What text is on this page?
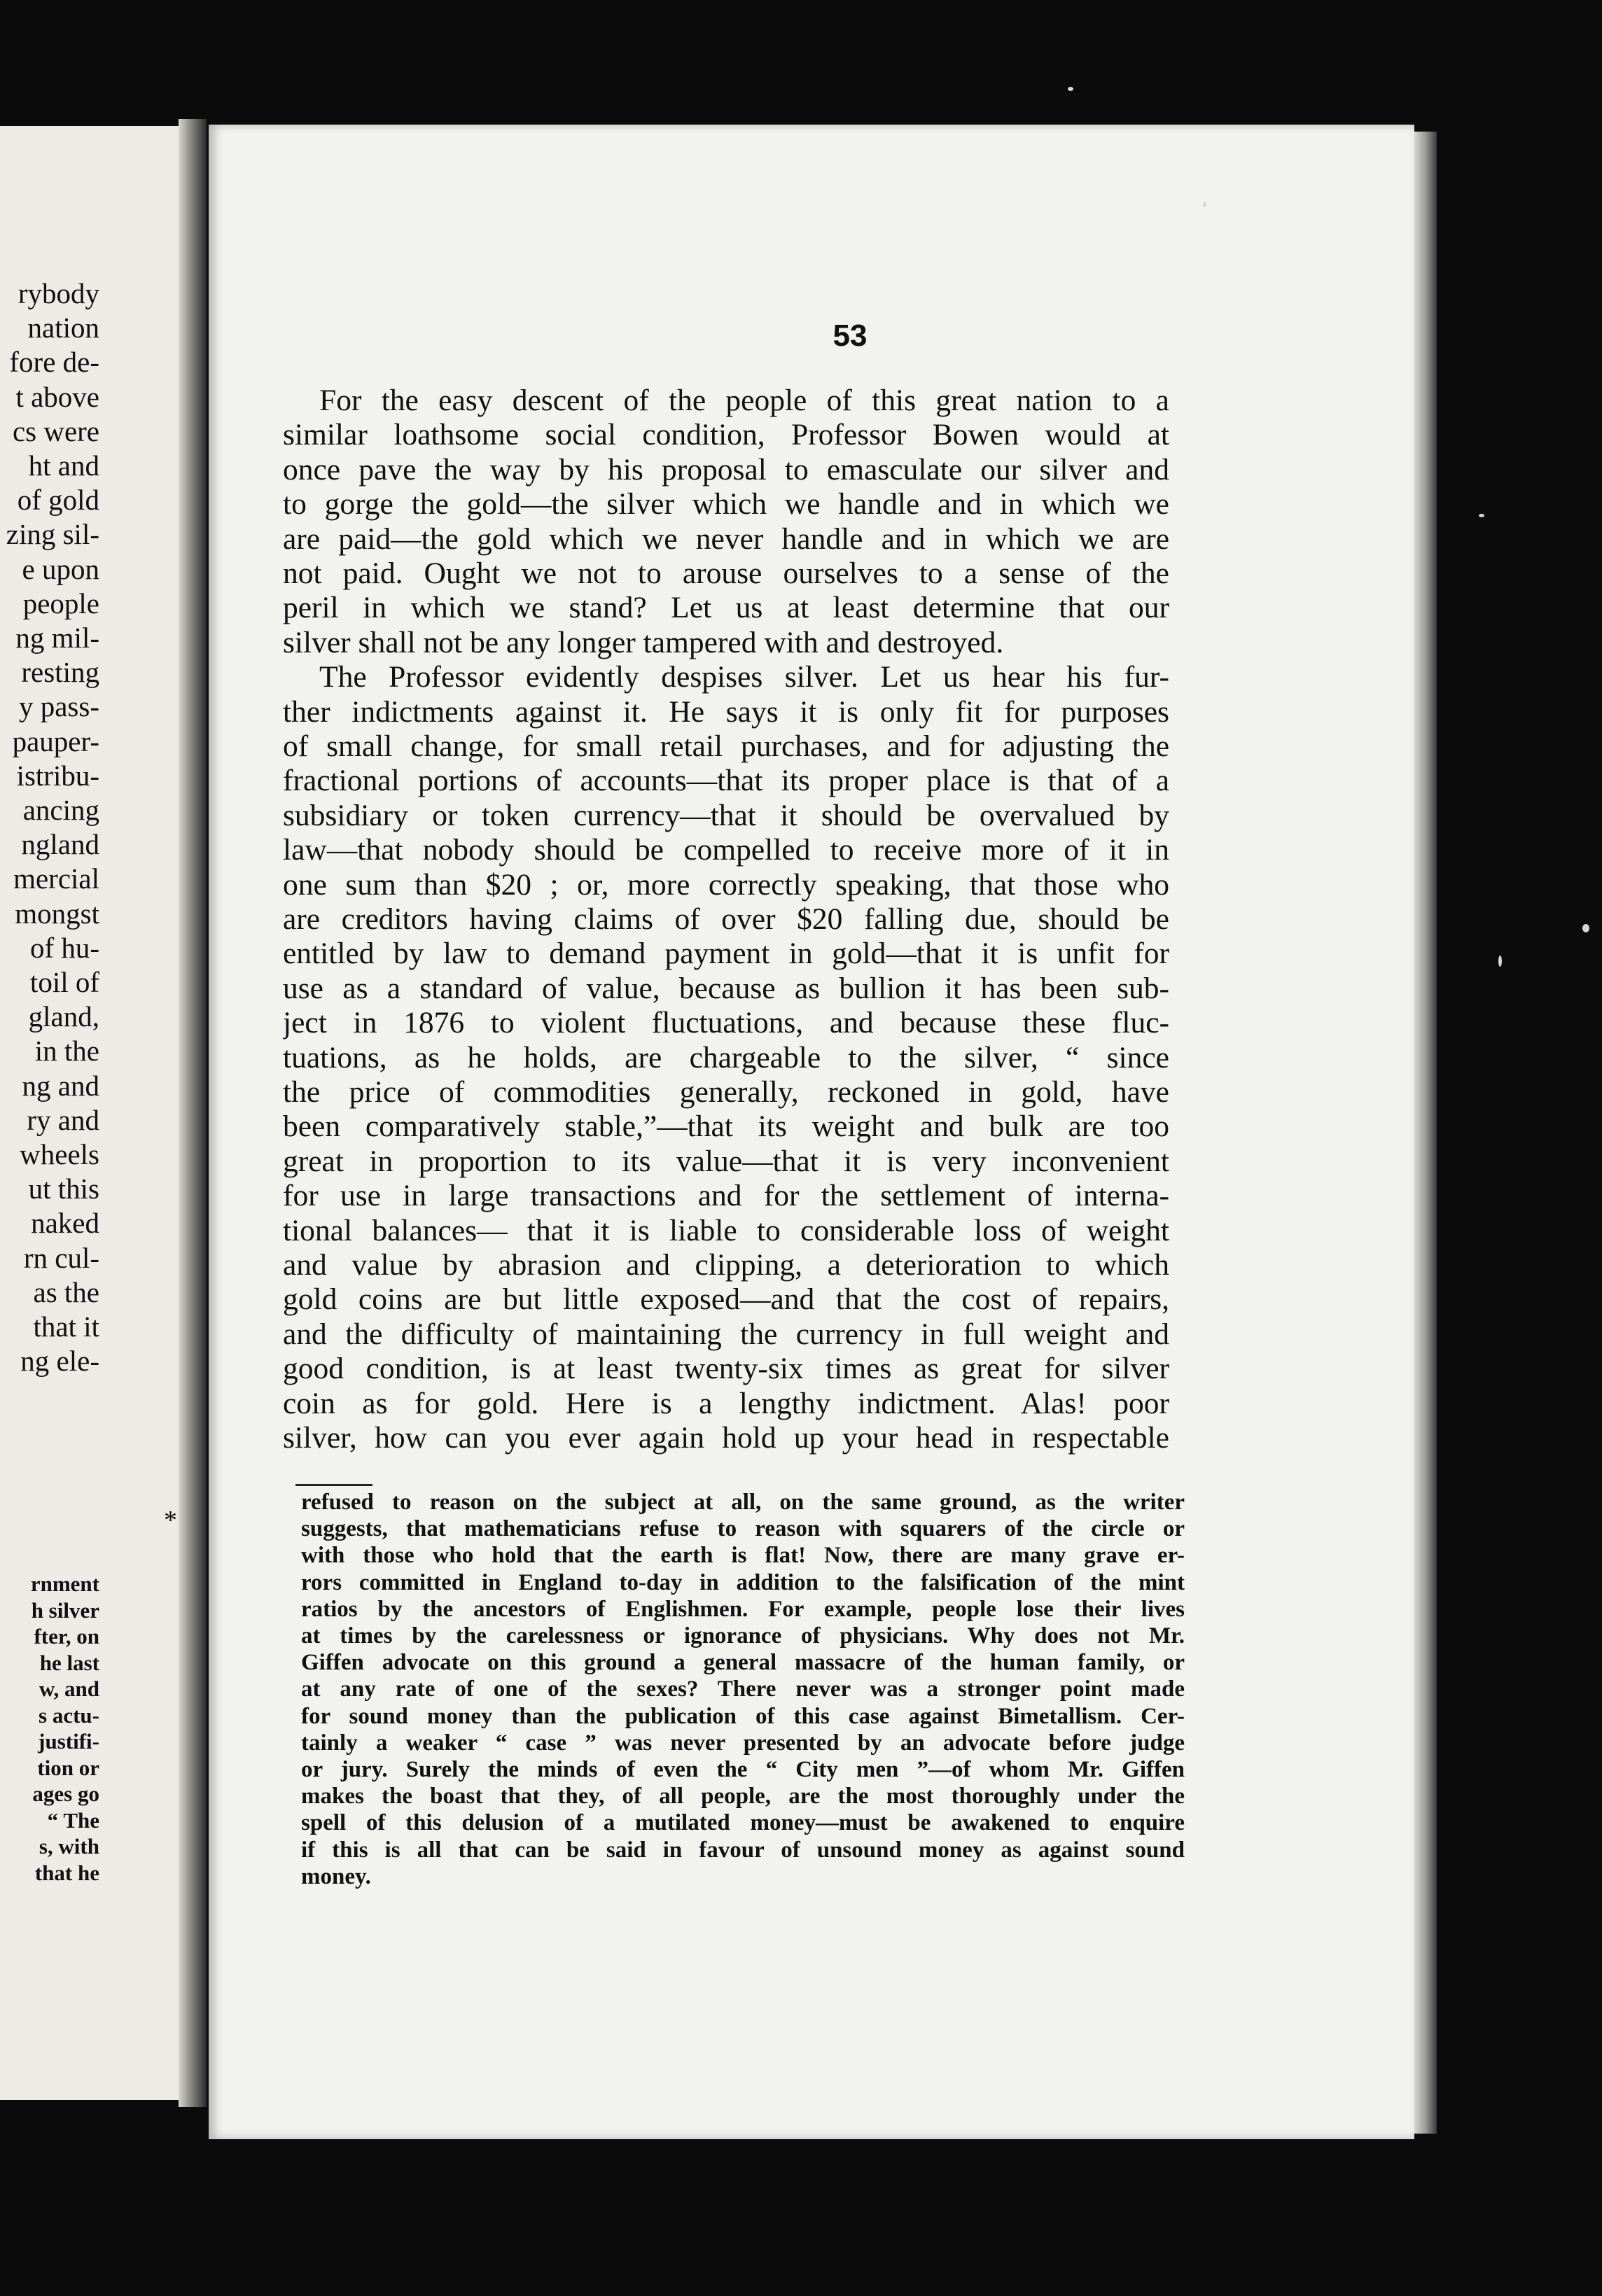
rybody
nation
fore de-
t above
cs were
ht and
of gold
zing sil-
e upon
people
ng mil-
resting
y pass-
pauper-
istribu-
ancing
ngland
mercial
mongst
of hu-
toil of
gland,
in the
ng and
ry and
wheels
ut this
naked
rn cul-
as the
that it
ng ele-
rnment
h silver
fter, on
he last
w, and
s actu-
justifi-
tion or
ages go
“ The
s, with
that he
53
For the easy descent of the people of this great nation to a
similar loathsome social condition, Professor Bowen would at
once pave the way by his proposal to emasculate our silver and
to gorge the gold—the silver which we handle and in which we
are paid—the gold which we never handle and in which we are
not paid. Ought we not to arouse ourselves to a sense of the
peril in which we stand? Let us at least determine that our
silver shall not be any longer tampered with and destroyed.
The Professor evidently despises silver. Let us hear his fur-
ther indictments against it. He says it is only fit for purposes
of small change, for small retail purchases, and for adjusting the
fractional portions of accounts—that its proper place is that of a
subsidiary or token currency—that it should be overvalued by
law—that nobody should be compelled to receive more of it in
one sum than $20 ; or, more correctly speaking, that those who
are creditors having claims of over $20 falling due, should be
entitled by law to demand payment in gold—that it is unfit for
use as a standard of value, because as bullion it has been sub-
ject in 1876 to violent fluctuations, and because these fluc-
tuations, as he holds, are chargeable to the silver, “ since
the price of commodities generally, reckoned in gold, have
been comparatively stable,”—that its weight and bulk are too
great in proportion to its value—that it is very inconvenient
for use in large transactions and for the settlement of interna-
tional balances— that it is liable to considerable loss of weight
and value by abrasion and clipping, a deterioration to which
gold coins are but little exposed—and that the cost of repairs,
and the difficulty of maintaining the currency in full weight and
good condition, is at least twenty-six times as great for silver
coin as for gold. Here is a lengthy indictment. Alas! poor
silver, how can you ever again hold up your head in respectable
refused to reason on the subject at all, on the same ground, as the writer
suggests, that mathematicians refuse to reason with squarers of the circle or
with those who hold that the earth is flat! Now, there are many grave er-
rors committed in England to-day in addition to the falsification of the mint
ratios by the ancestors of Englishmen. For example, people lose their lives
at times by the carelessness or ignorance of physicians. Why does not Mr.
Giffen advocate on this ground a general massacre of the human family, or
at any rate of one of the sexes? There never was a stronger point made
for sound money than the publication of this case against Bimetallism. Cer-
tainly a weaker “ case ” was never presented by an advocate before judge
or jury. Surely the minds of even the “ City men ”—of whom Mr. Giffen
makes the boast that they, of all people, are the most thoroughly under the
spell of this delusion of a mutilated money—must be awakened to enquire
if this is all that can be said in favour of unsound money as against sound
money.
*
